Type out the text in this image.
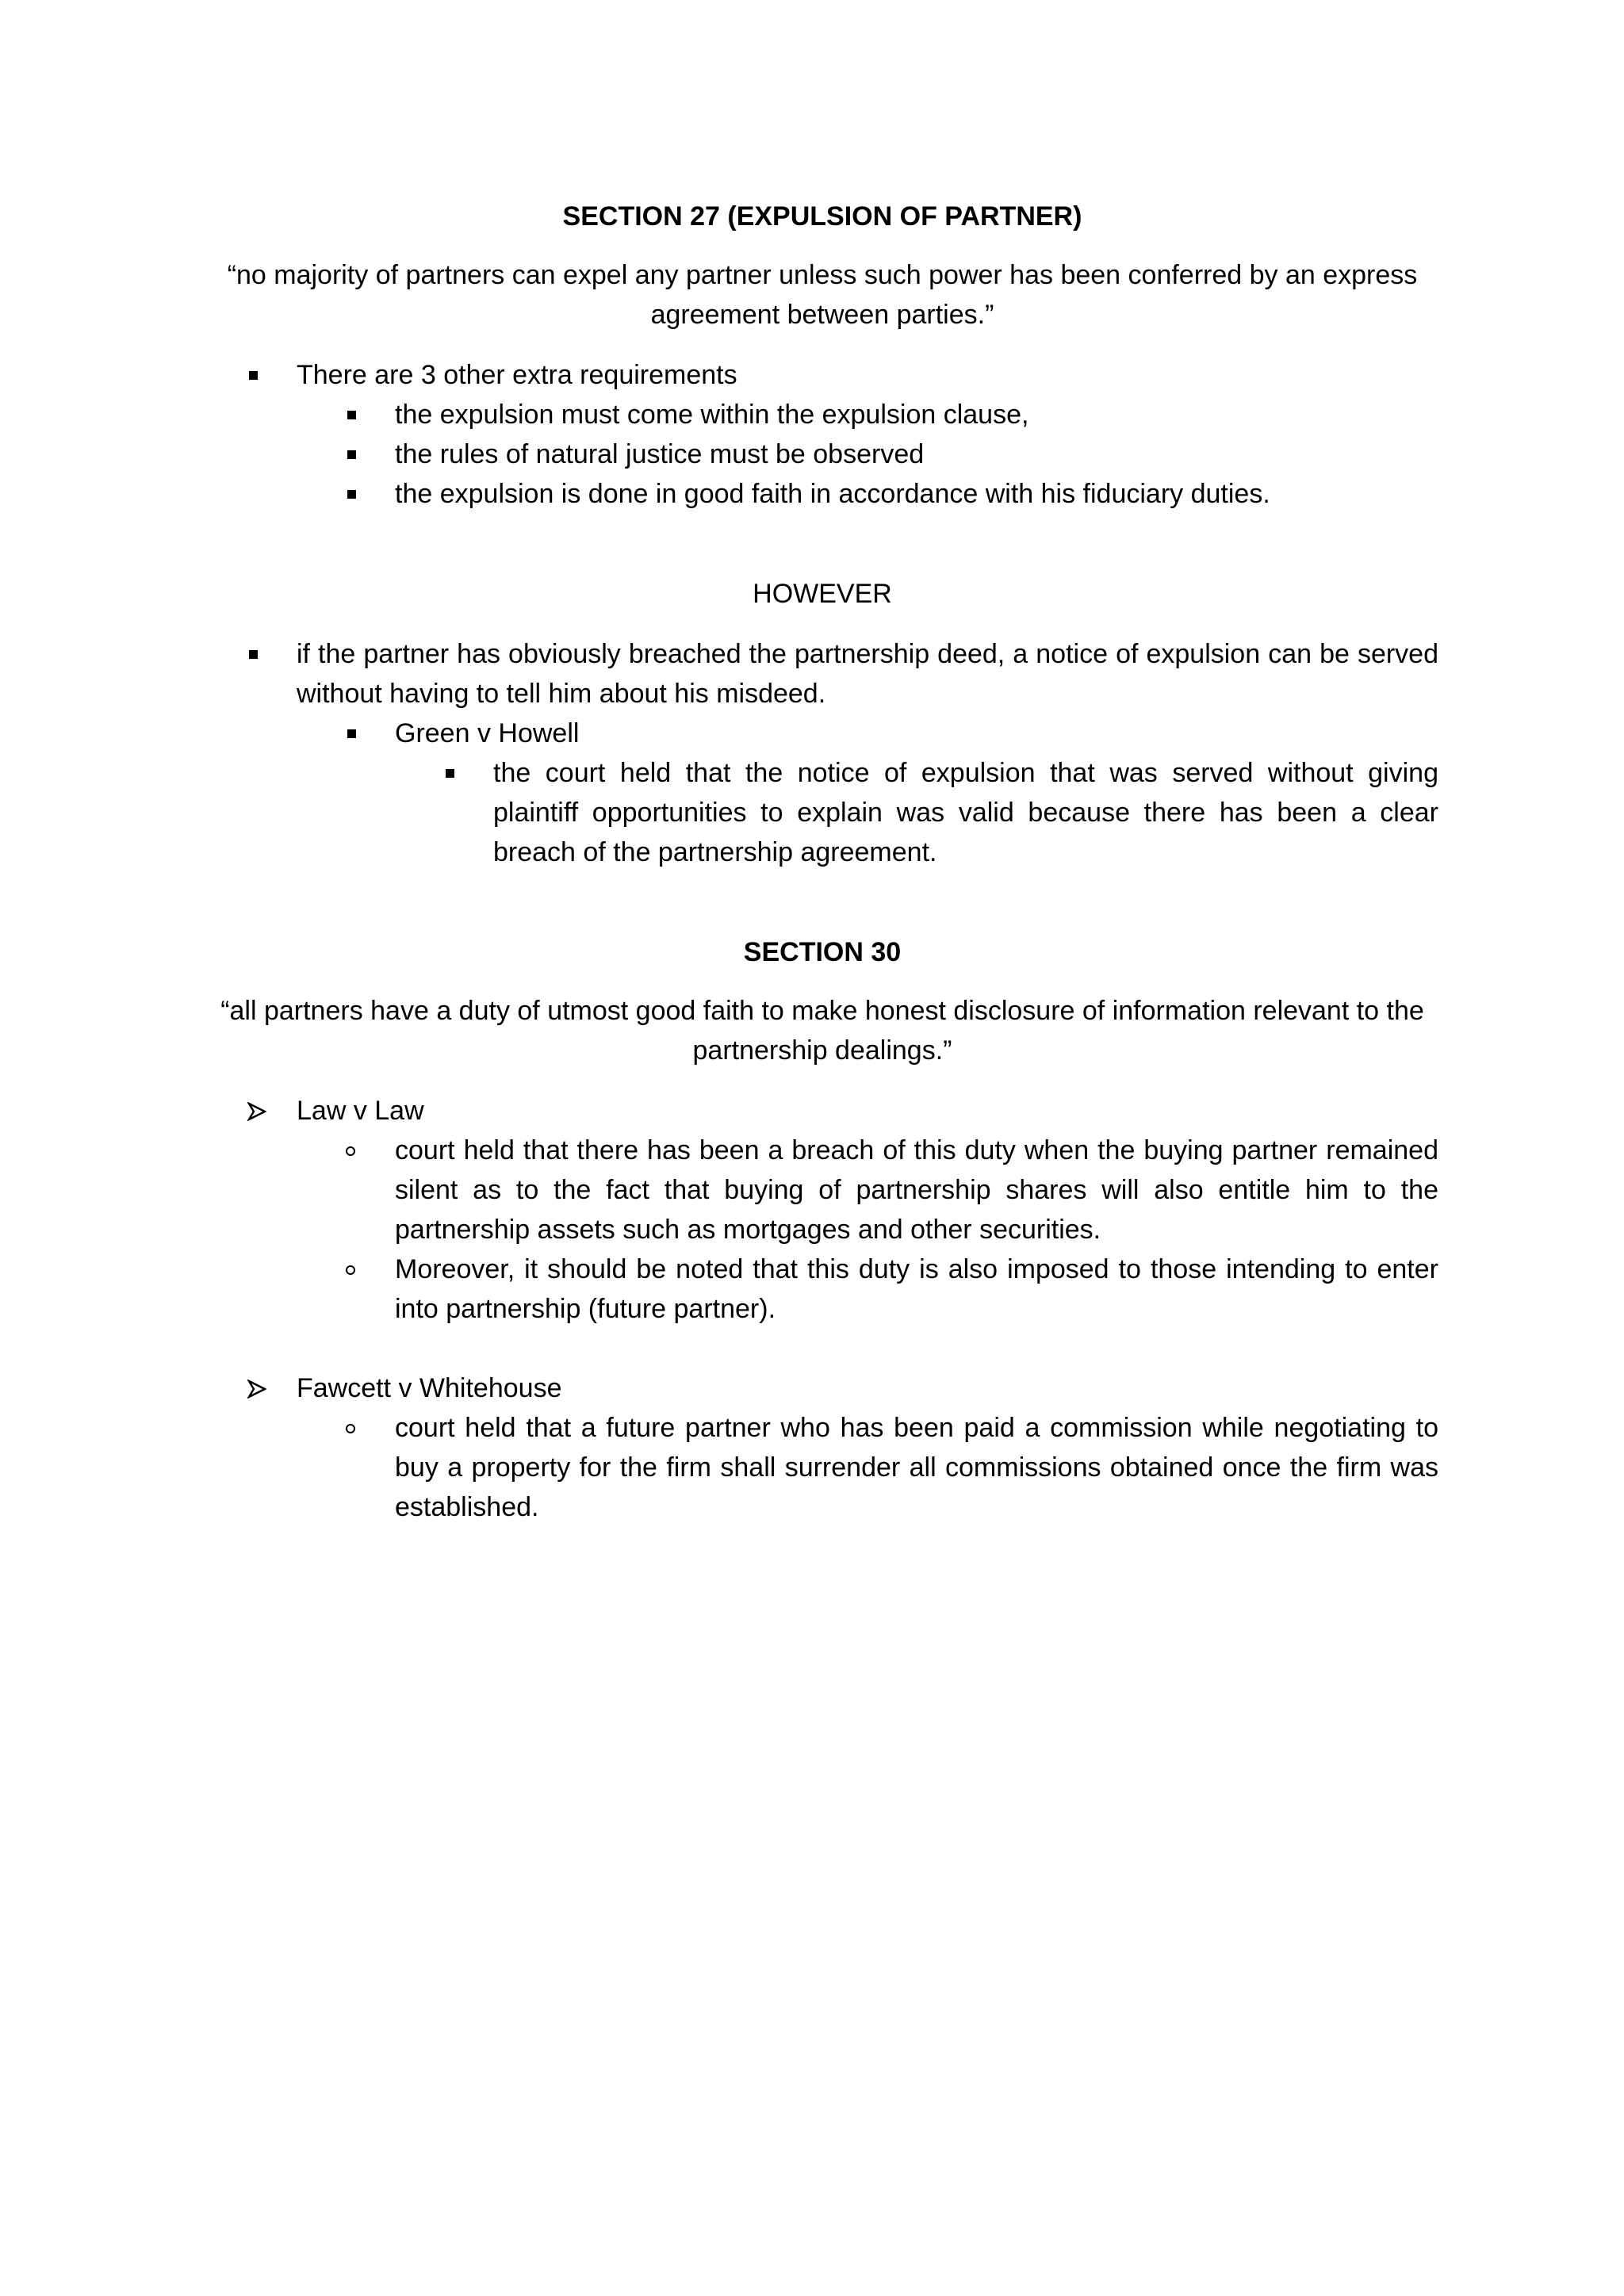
SECTION 27 (EXPULSION OF PARTNER)

“no majority of partners can expel any partner unless such power has been conferred by an express agreement between parties.”

There are 3 other extra requirements
the expulsion must come within the expulsion clause,
the rules of natural justice must be observed
the expulsion is done in good faith in accordance with his fiduciary duties.

HOWEVER

if the partner has obviously breached the partnership deed, a notice of expulsion can be served without having to tell him about his misdeed.
Green v Howell
the court held that the notice of expulsion that was served without giving plaintiff opportunities to explain was valid because there has been a clear breach of the partnership agreement.

SECTION 30

“all partners have a duty of utmost good faith to make honest disclosure of information relevant to the partnership dealings.”

Law v Law
court held that there has been a breach of this duty when the buying partner remained silent as to the fact that buying of partnership shares will also entitle him to the partnership assets such as mortgages and other securities.
Moreover, it should be noted that this duty is also imposed to those intending to enter into partnership (future partner).
Fawcett v Whitehouse
court held that a future partner who has been paid a commission while negotiating to buy a property for the firm shall surrender all commissions obtained once the firm was established.
